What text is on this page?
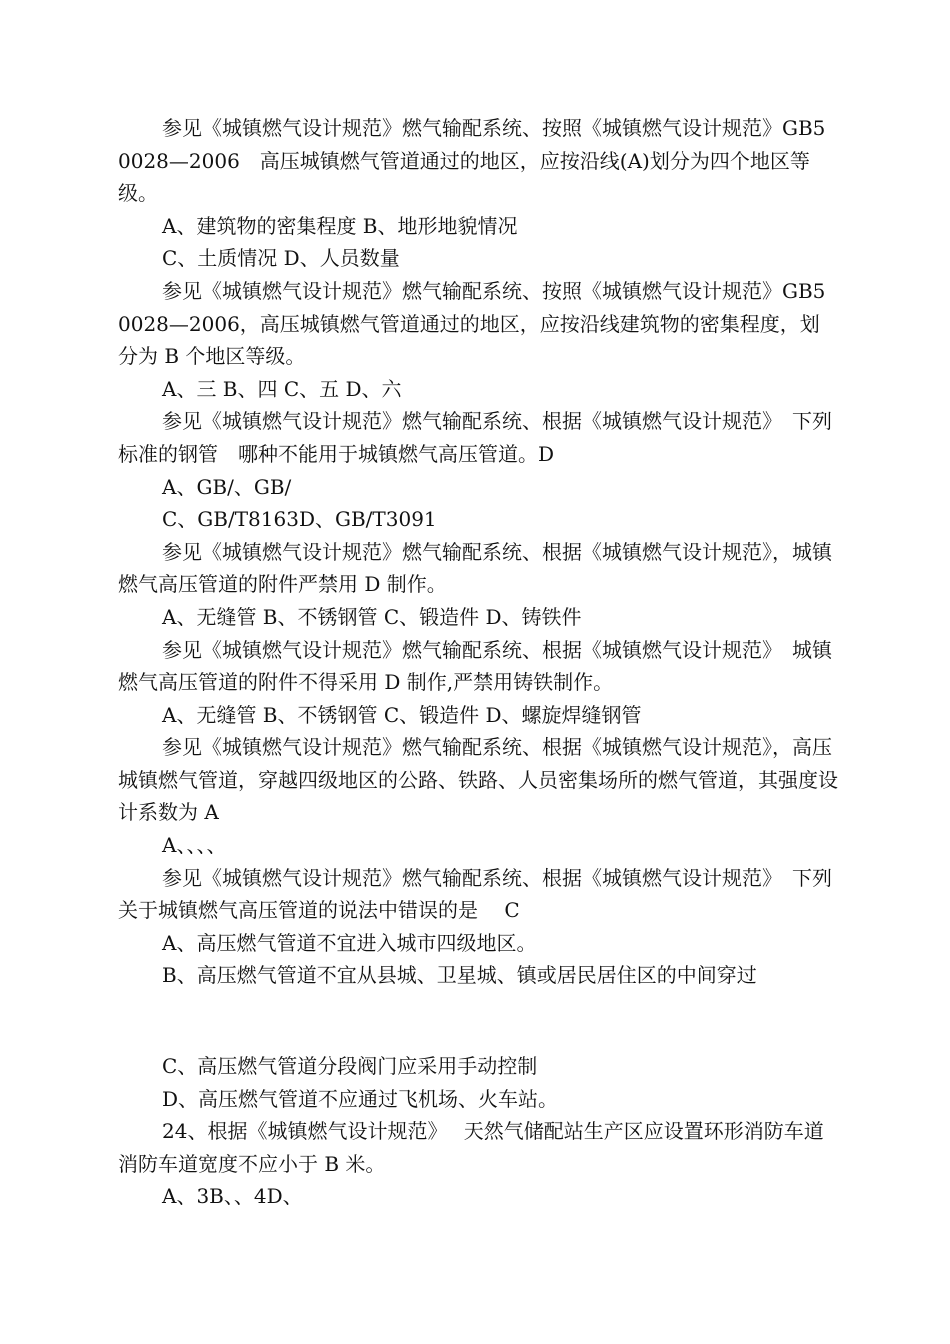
参见《城镇燃气设计规范》燃气输配系统、按照《城镇燃气设计规范》GB50028—2006　高压城镇燃气管道通过的地区，应按沿线(A)划分为四个地区等级。

A、建筑物的密集程度 B、地形地貌情况

C、土质情况 D、人员数量

参见《城镇燃气设计规范》燃气输配系统、按照《城镇燃气设计规范》GB50028—2006，高压城镇燃气管道通过的地区，应按沿线建筑物的密集程度，划分为 B 个地区等级。

A、三 B、四 C、五 D、六

参见《城镇燃气设计规范》燃气输配系统、根据《城镇燃气设计规范》　下列标准的钢管　哪种不能用于城镇燃气高压管道。D

A、GB/、GB/

C、GB/T8163D、GB/T3091

参见《城镇燃气设计规范》燃气输配系统、根据《城镇燃气设计规范》，城镇燃气高压管道的附件严禁用 D 制作。

A、无缝管 B、不锈钢管 C、锻造件 D、铸铁件

参见《城镇燃气设计规范》燃气输配系统、根据《城镇燃气设计规范》　城镇燃气高压管道的附件不得采用 D 制作,严禁用铸铁制作。

A、无缝管 B、不锈钢管 C、锻造件 D、螺旋焊缝钢管

参见《城镇燃气设计规范》燃气输配系统、根据《城镇燃气设计规范》，高压城镇燃气管道，穿越四级地区的公路、铁路、人员密集场所的燃气管道，其强度设计系数为 A

A、、、、

参见《城镇燃气设计规范》燃气输配系统、根据《城镇燃气设计规范》　下列关于城镇燃气高压管道的说法中错误的是　 C

A、高压燃气管道不宜进入城市四级地区。

B、高压燃气管道不宜从县城、卫星城、镇或居民居住区的中间穿过

C、高压燃气管道分段阀门应采用手动控制

D、高压燃气管道不应通过飞机场、火车站。

24、根据《城镇燃气设计规范》　 天然气储配站生产区应设置环形消防车道　消防车道宽度不应小于 B 米。

A、3B、、4D、
